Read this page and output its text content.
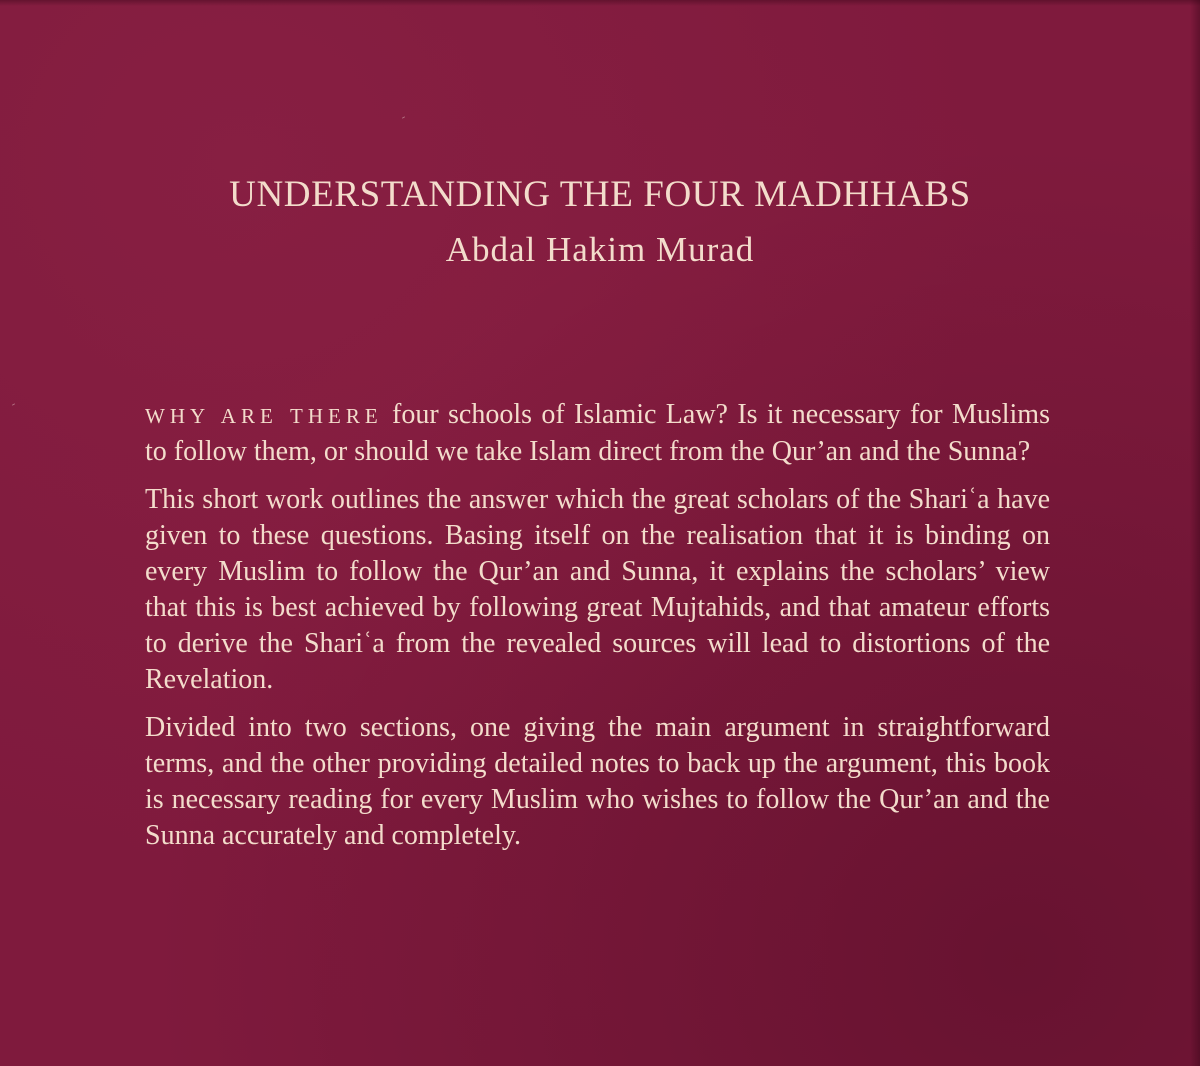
UNDERSTANDING THE FOUR MADHHABS
Abdal Hakim Murad

WHY ARE THERE four schools of Islamic Law? Is it necessary for Muslims to follow them, or should we take Islam direct from the Qur’an and the Sunna?

This short work outlines the answer which the great scholars of the Shariʿa have given to these questions. Basing itself on the realisation that it is binding on every Muslim to follow the Qur’an and Sunna, it explains the scholars’ view that this is best achieved by following great Mujtahids, and that amateur efforts to derive the Shariʿa from the revealed sources will lead to distortions of the Revelation.

Divided into two sections, one giving the main argument in straightforward terms, and the other providing detailed notes to back up the argument, this book is necessary reading for every Muslim who wishes to follow the Qur’an and the Sunna accurately and completely.
